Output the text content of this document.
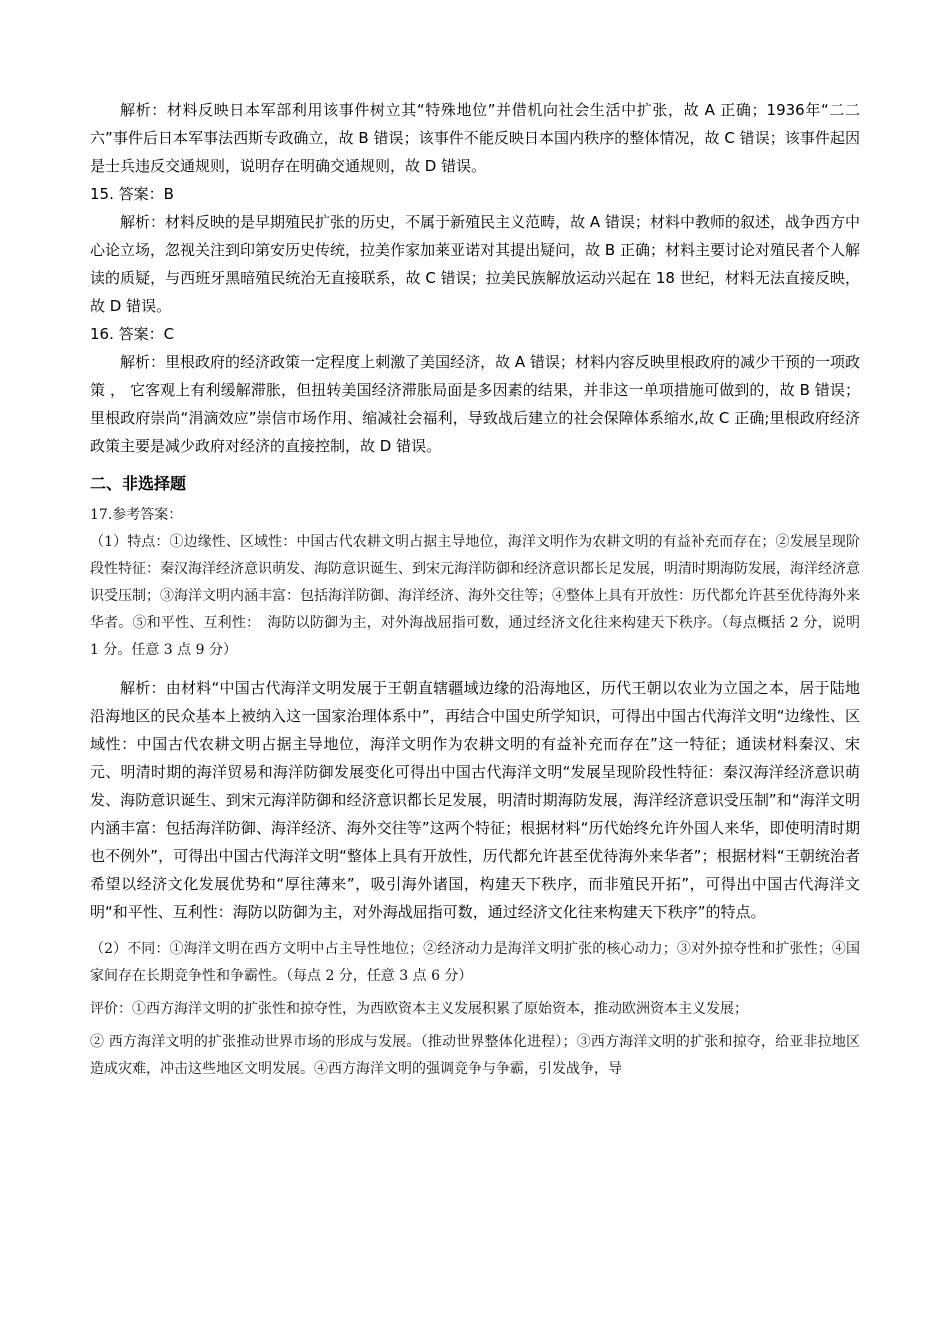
解析：材料反映日本军部利用该事件树立其“特殊地位”并借机向社会生活中扩张，故 A 正确；1936年“二二六”事件后日本军事法西斯专政确立，故 B 错误；该事件不能反映日本国内秩序的整体情况，故 C 错误；该事件起因是士兵违反交通规则，说明存在明确交通规则，故 D 错误。

15. 答案：B

解析：材料反映的是早期殖民扩张的历史，不属于新殖民主义范畴，故 A 错误；材料中教师的叙述，战争西方中心论立场，忽视关注到印第安历史传统，拉美作家加莱亚诺对其提出疑问，故 B 正确；材料主要讨论对殖民者个人解读的质疑，与西班牙黑暗殖民统治无直接联系，故 C 错误；拉美民族解放运动兴起在 18 世纪，材料无法直接反映，故 D 错误。

16. 答案：C

解析：里根政府的经济政策一定程度上刺激了美国经济，故 A 错误；材料内容反映里根政府的减少干预的一项政策 ， 它客观上有利缓解滞胀，但扭转美国经济滞胀局面是多因素的结果，并非这一单项措施可做到的，故 B 错误；里根政府崇尚“涓滴效应”崇信市场作用、缩减社会福利，导致战后建立的社会保障体系缩水,故 C 正确;里根政府经济政策主要是减少政府对经济的直接控制，故 D 错误。

二、非选择题

17.参考答案：

（1）特点：①边缘性、区域性：中国古代农耕文明占据主导地位，海洋文明作为农耕文明的有益补充而存在；②发展呈现阶段性特征：秦汉海洋经济意识萌发、海防意识诞生、到宋元海洋防御和经济意识都长足发展，明清时期海防发展，海洋经济意识受压制；③海洋文明内涵丰富：包括海洋防御、海洋经济、海外交往等；④整体上具有开放性：历代都允许甚至优待海外来华者。⑤和平性、互利性：　海防以防御为主，对外海战屈指可数，通过经济文化往来构建天下秩序。（每点概括 2 分，说明 1 分。任意 3 点 9 分）

解析：由材料“中国古代海洋文明发展于王朝直辖疆域边缘的沿海地区，历代王朝以农业为立国之本，居于陆地沿海地区的民众基本上被纳入这一国家治理体系中”，再结合中国史所学知识，可得出中国古代海洋文明“边缘性、区域性：中国古代农耕文明占据主导地位，海洋文明作为农耕文明的有益补充而存在”这一特征；通读材料秦汉、宋元、明清时期的海洋贸易和海洋防御发展变化可得出中国古代海洋文明“发展呈现阶段性特征：秦汉海洋经济意识萌发、海防意识诞生、到宋元海洋防御和经济意识都长足发展，明清时期海防发展，海洋经济意识受压制”和“海洋文明内涵丰富：包括海洋防御、海洋经济、海外交往等”这两个特征；根据材料“历代始终允许外国人来华，即使明清时期也不例外”，可得出中国古代海洋文明“整体上具有开放性，历代都允许甚至优待海外来华者”；根据材料“王朝统治者希望以经济文化发展优势和“厚往薄来”，吸引海外诸国，构建天下秩序，而非殖民开拓”，可得出中国古代海洋文明“和平性、互利性：海防以防御为主，对外海战屈指可数，通过经济文化往来构建天下秩序”的特点。

（2）不同：①海洋文明在西方文明中占主导性地位；②经济动力是海洋文明扩张的核心动力；③对外掠夺性和扩张性；④国家间存在长期竞争性和争霸性。（每点 2 分，任意 3 点 6 分）

评价：①西方海洋文明的扩张性和掠夺性，为西欧资本主义发展积累了原始资本，推动欧洲资本主义发展；

② 西方海洋文明的扩张推动世界市场的形成与发展。（推动世界整体化进程）；③西方海洋文明的扩张和掠夺，给亚非拉地区造成灾难，冲击这些地区文明发展。④西方海洋文明的强调竞争与争霸，引发战争，导
